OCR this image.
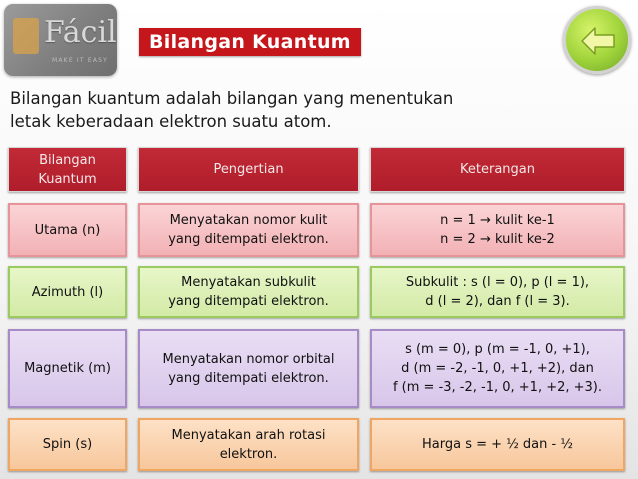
Fácil
MAKE IT EASY
Bilangan Kuantum
Bilangan kuantum adalah bilangan yang menentukan
letak keberadaan elektron suatu atom.
Bilangan
Kuantum
Pengertian	Keterangan
Utama (n)
Menyatakan nomor kulit
yang ditempati elektron.
n = 1 → kulit ke-1
n = 2 → kulit ke-2
Azimuth (l)
Menyatakan subkulit
yang ditempati elektron.
Subkulit : s (l = 0), p (l = 1),
d (l = 2), dan f (l = 3).
Magnetik (m)
Menyatakan nomor orbital
yang ditempati elektron.
s (m = 0), p (m = -1, 0, +1),
d (m = -2, -1, 0, +1, +2), dan
f (m = -3, -2, -1, 0, +1, +2, +3).
Spin (s)
Menyatakan arah rotasi
elektron.
Harga s = + ½ dan - ½
